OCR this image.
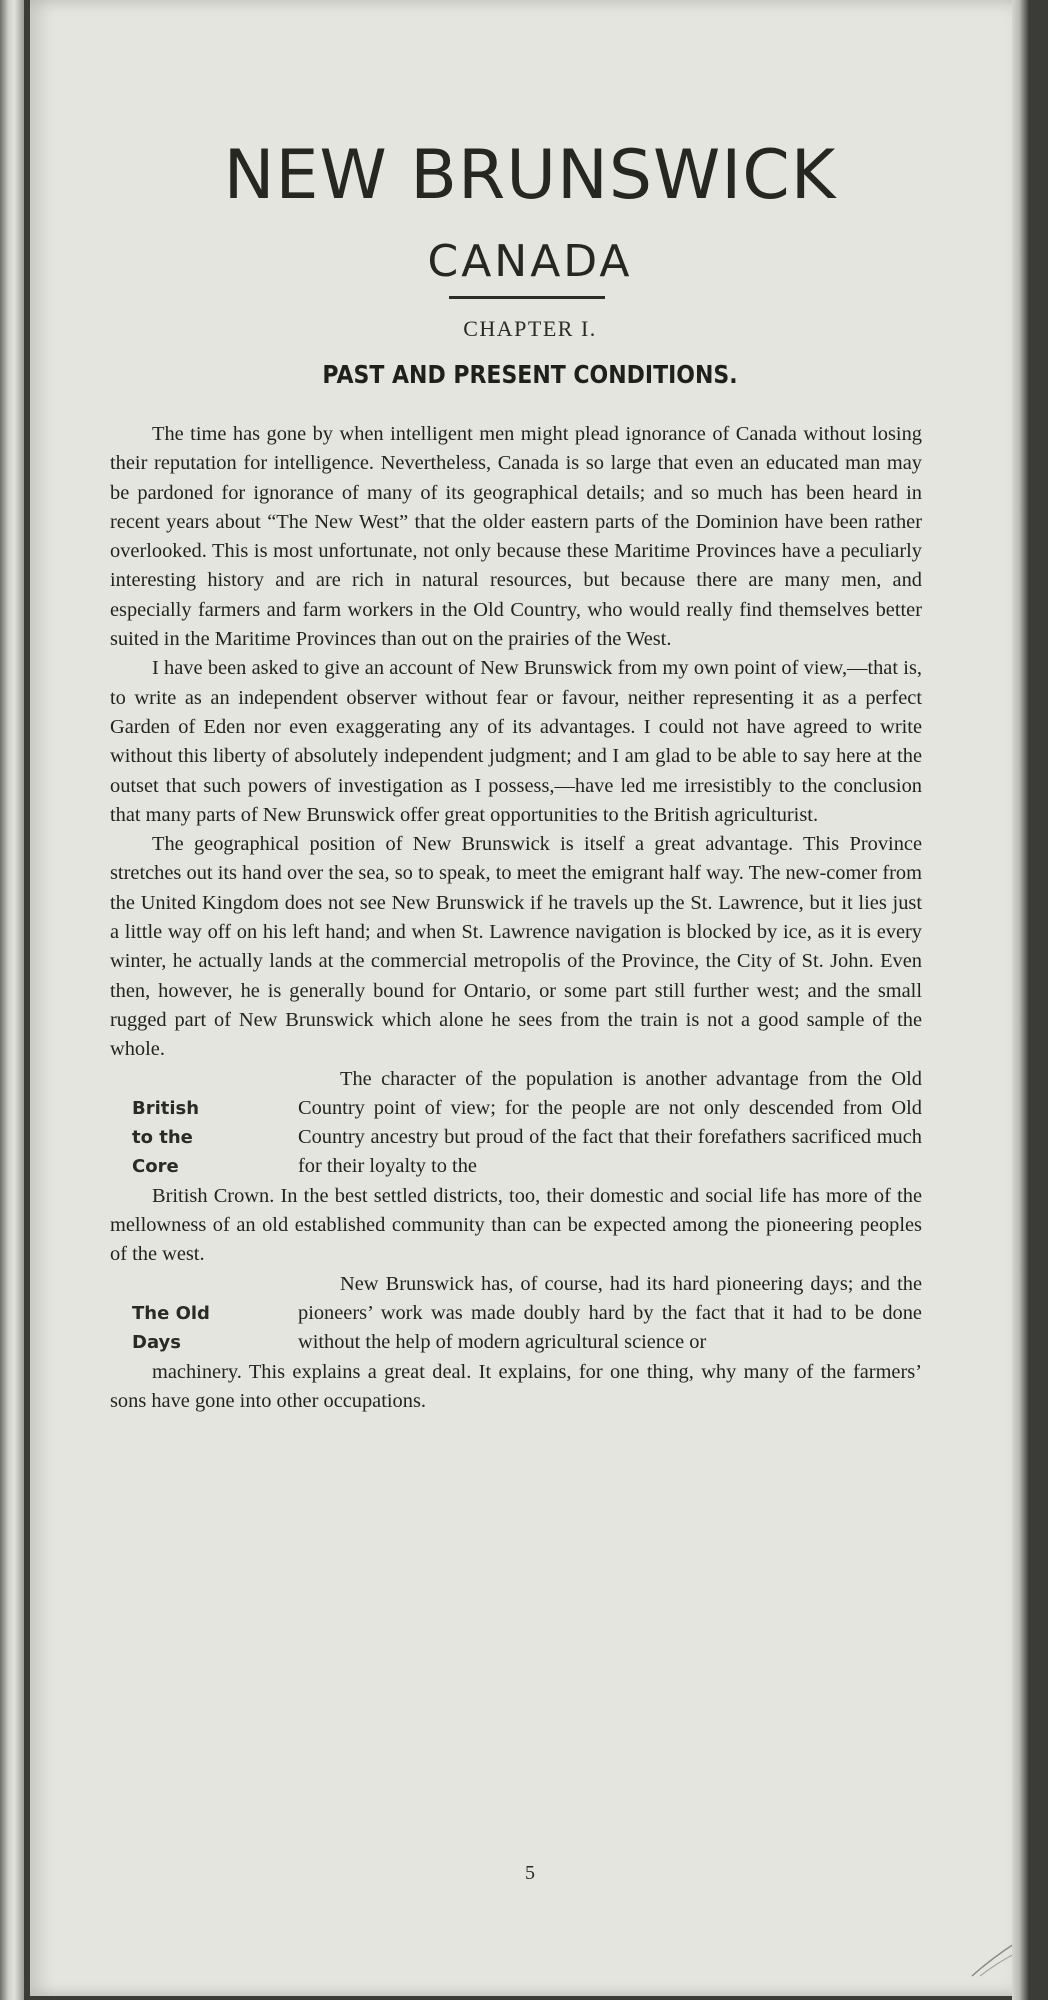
NEW BRUNSWICK
CANADA
CHAPTER I.
PAST AND PRESENT CONDITIONS.

The time has gone by when intelligent men might plead ignorance of Canada without losing their reputation for intelligence. Nevertheless, Canada is so large that even an educated man may be pardoned for ignorance of many of its geographical details; and so much has been heard in recent years about “The New West” that the older eastern parts of the Dominion have been rather overlooked. This is most unfortunate, not only because these Maritime Provinces have a peculiarly interesting history and are rich in natural resources, but because there are many men, and especially farmers and farm workers in the Old Country, who would really find themselves better suited in the Maritime Provinces than out on the prairies of the West.

I have been asked to give an account of New Brunswick from my own point of view,—that is, to write as an independent observer without fear or favour, neither representing it as a perfect Garden of Eden nor even exaggerating any of its advantages. I could not have agreed to write without this liberty of absolutely independent judgment; and I am glad to be able to say here at the outset that such powers of investigation as I possess,—have led me irresistibly to the conclusion that many parts of New Brunswick offer great opportunities to the British agriculturist.

The geographical position of New Brunswick is itself a great advantage. This Province stretches out its hand over the sea, so to speak, to meet the emigrant half way. The new-comer from the United Kingdom does not see New Brunswick if he travels up the St. Lawrence, but it lies just a little way off on his left hand; and when St. Lawrence navigation is blocked by ice, as it is every winter, he actually lands at the commercial metropolis of the Province, the City of St. John. Even then, however, he is generally bound for Ontario, or some part still further west; and the small rugged part of New Brunswick which alone he sees from the train is not a good sample of the whole.

British
to the
Core
The character of the population is another advantage from the Old Country point of view; for the people are not only descended from Old Country ancestry but proud of the fact that their forefathers sacrificed much for their loyalty to the

British Crown. In the best settled districts, too, their domestic and social life has more of the mellowness of an old established community than can be expected among the pioneering peoples of the west.

The Old
Days
New Brunswick has, of course, had its hard pioneering days; and the pioneers’ work was made doubly hard by the fact that it had to be done without the help of modern agricultural science or

machinery. This explains a great deal. It explains, for one thing, why many of the farmers’ sons have gone into other occupations.

5
